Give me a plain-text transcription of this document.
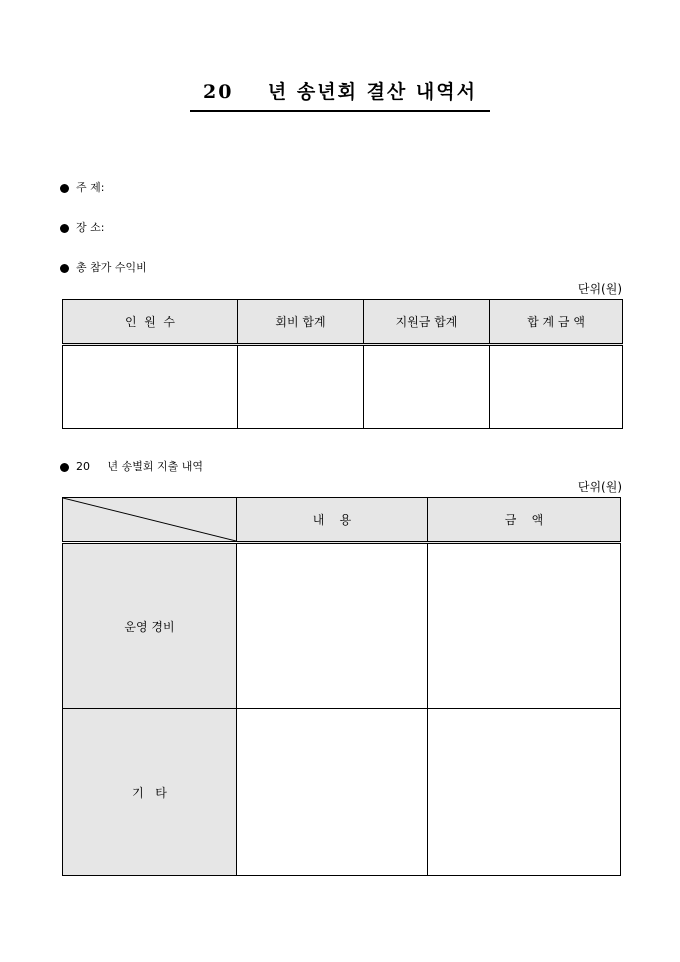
20    년 송년회 결산 내역서
주 제:
장 소:
총 참가 수익비
단위(원)
인  원  수	회비 합계	지원금 합계	합 계 금 액

20     년 송별회 지출 내역
단위(원)

	내    용	금    액
운영 경비		
기   타		
